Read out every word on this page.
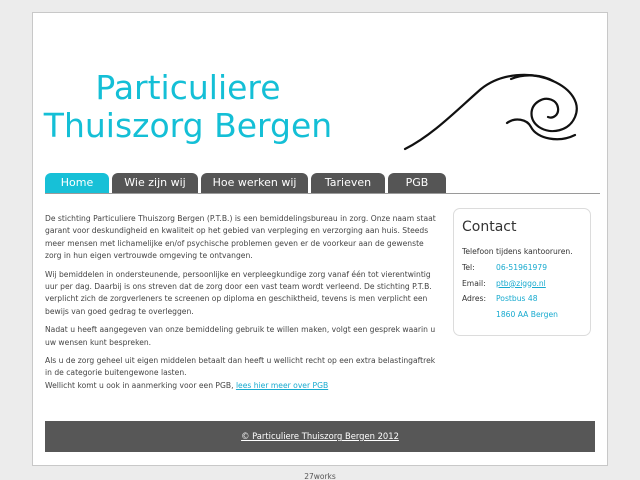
Particuliere
Thuiszorg Bergen
Home	Wie zijn wij	Hoe werken wij	Tarieven	PGB

De stichting Particuliere Thuiszorg Bergen (P.T.B.) is een bemiddelingsbureau in zorg. Onze naam staat garant voor deskundigheid en kwaliteit op het gebied van verpleging en verzorging aan huis. Steeds meer mensen met lichamelijke en/of psychische problemen geven er de voorkeur aan de gewenste zorg in hun eigen vertrouwde omgeving te ontvangen.

Wij bemiddelen in ondersteunende, persoonlijke en verpleegkundige zorg vanaf één tot vierentwintig uur per dag. Daarbij is ons streven dat de zorg door een vast team wordt verleend. De stichting P.T.B. verplicht zich de zorgverleners te screenen op diploma en geschiktheid, tevens is men verplicht een bewijs van goed gedrag te overleggen.

Nadat u heeft aangegeven van onze bemiddeling gebruik te willen maken, volgt een gesprek waarin u uw wensen kunt bespreken.

Als u de zorg geheel uit eigen middelen betaalt dan heeft u wellicht recht op een extra belastingaftrek in de categorie buitengewone lasten.
Wellicht komt u ook in aanmerking voor een PGB, lees hier meer over PGB

Contact
Telefoon tijdens kantooruren.
Tel:	06-51961979
Email:	ptb@ziggo.nl
Adres:	Postbus 48
1860 AA Bergen
© Particuliere Thuiszorg Bergen 2012
27works
